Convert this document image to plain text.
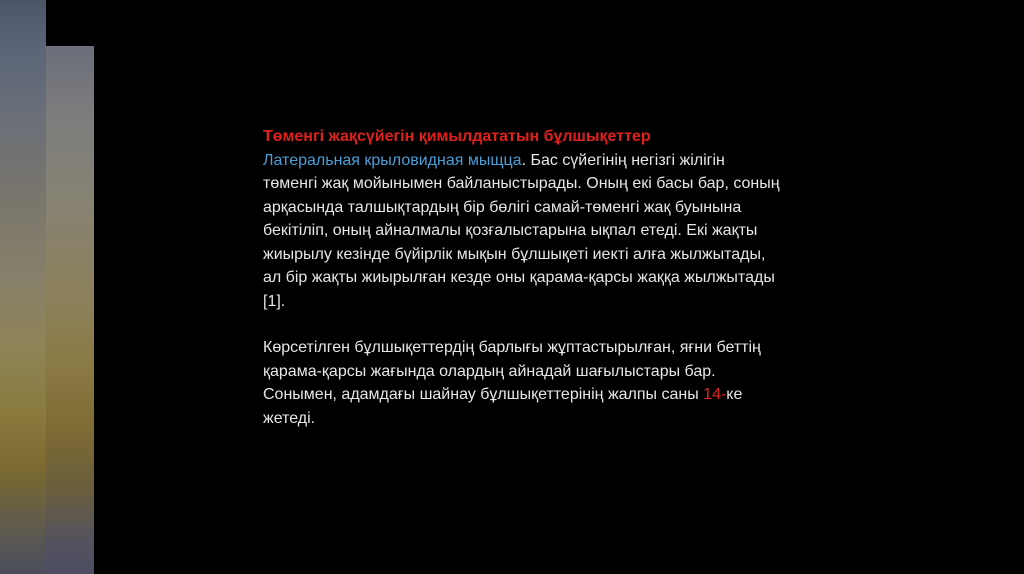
Төменгі жақсүйегін қимылдататын бұлшықеттер
Латеральная крыловидная мыщца. Бас сүйегінің негізгі жілігін төменгі жақ мойынымен байланыстырады. Оның екі басы бар, соның арқасында талшықтардың бір бөлігі самай-төменгі жақ буынына бекітіліп, оның айналмалы қозғалыстарына ықпал етеді. Екі жақты жиырылу кезінде бүйірлік мықын бұлшықеті иекті алға жылжытады, ал бір жақты жиырылған кезде оны қарама-қарсы жаққа жылжытады [1].

Көрсетілген бұлшықеттердің барлығы жұптастырылған, яғни беттің қарама-қарсы жағында олардың айнадай шағылыстары бар. Сонымен, адамдағы шайнау бұлшықеттерінің жалпы саны 14-ке жетеді.
